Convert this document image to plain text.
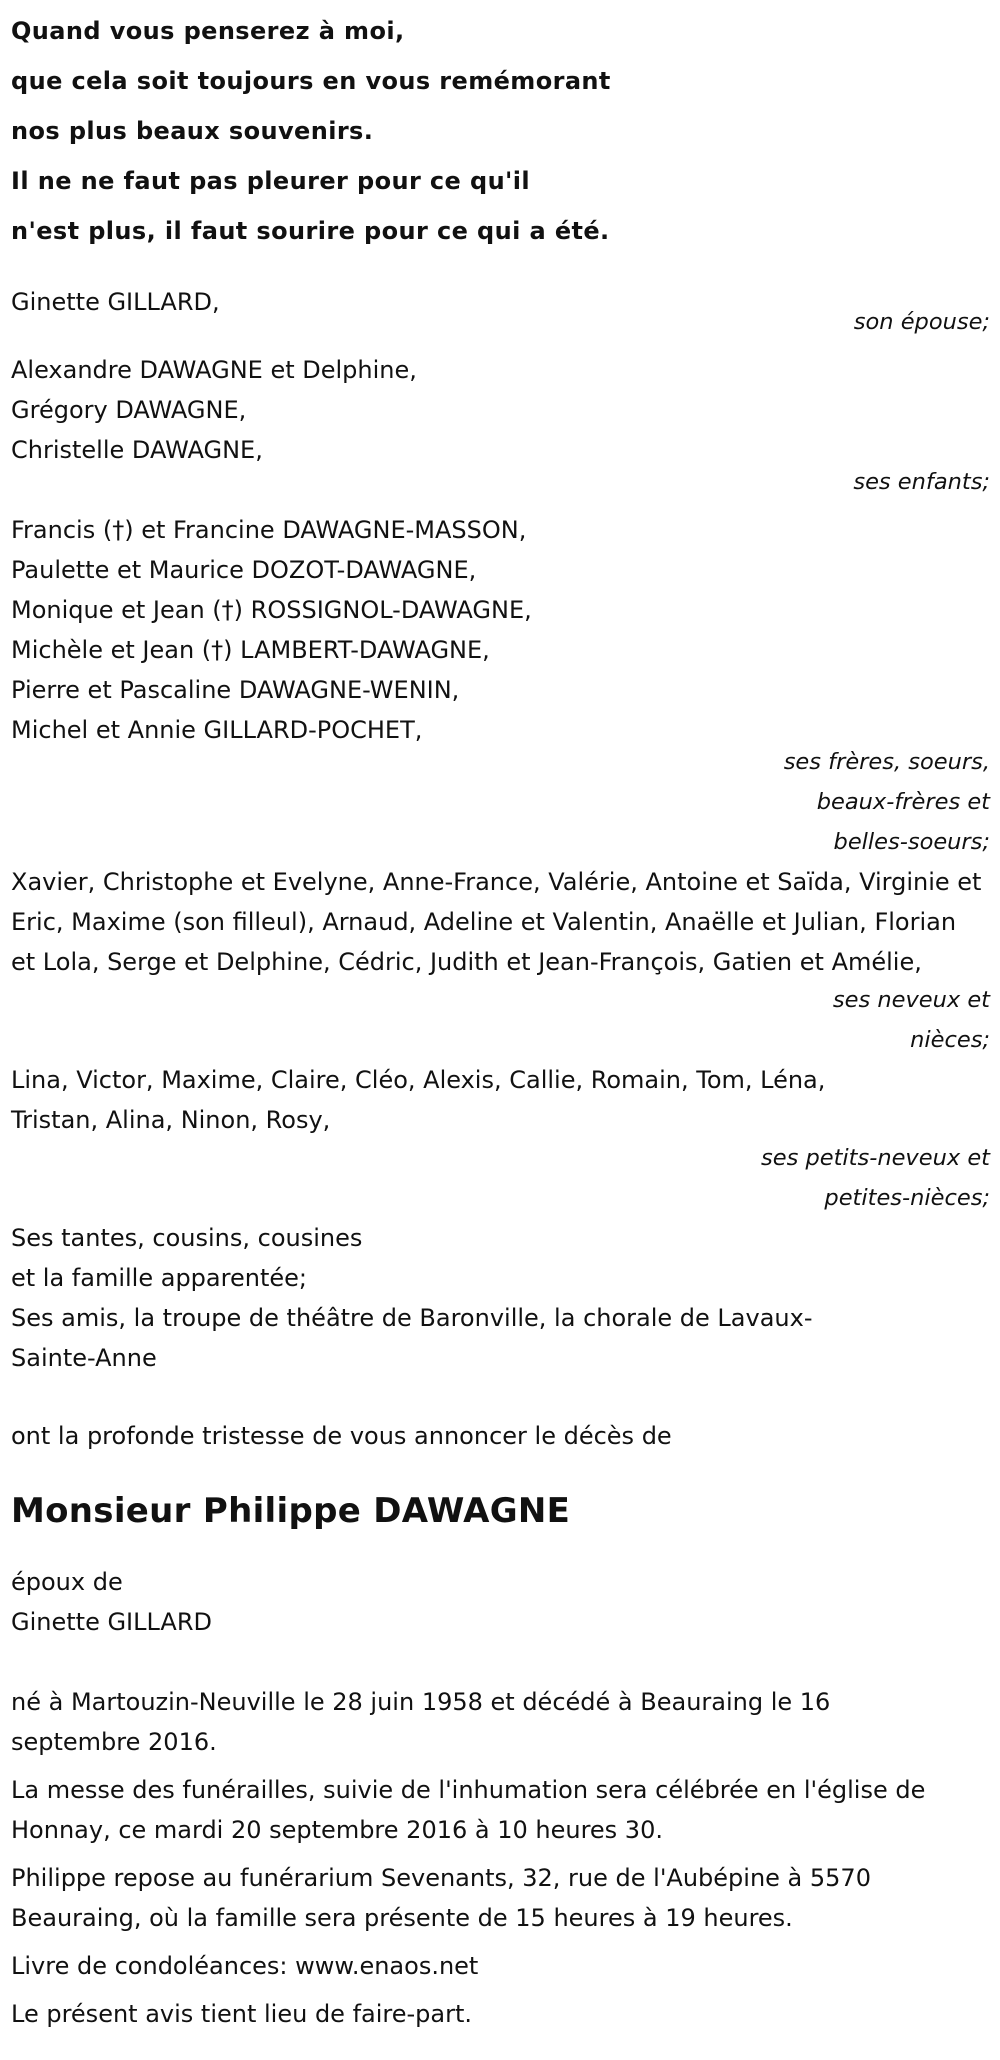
Quand vous penserez à moi,
que cela soit toujours en vous remémorant
nos plus beaux souvenirs.
Il ne ne faut pas pleurer pour ce qu'il
n'est plus, il faut sourire pour ce qui a été.
Ginette GILLARD,
son épouse;
Alexandre DAWAGNE et Delphine,
Grégory DAWAGNE,
Christelle DAWAGNE,
ses enfants;
Francis (†) et Francine DAWAGNE-MASSON,
Paulette et Maurice DOZOT-DAWAGNE,
Monique et Jean (†) ROSSIGNOL-DAWAGNE,
Michèle et Jean (†) LAMBERT-DAWAGNE,
Pierre et Pascaline DAWAGNE-WENIN,
Michel et Annie GILLARD-POCHET,
ses frères, soeurs,
beaux-frères et
belles-soeurs;

Xavier, Christophe et Evelyne, Anne-France, Valérie, Antoine et Saïda, Virginie et Eric, Maxime (son filleul), Arnaud, Adeline et Valentin, Anaëlle et Julian, Florian et Lola, Serge et Delphine, Cédric, Judith et Jean-François, Gatien et Amélie,

ses neveux et
nièces;

Lina, Victor, Maxime, Claire, Cléo, Alexis, Callie, Romain, Tom, Léna, Tristan, Alina, Ninon, Rosy,

ses petits-neveux et
petites-nièces;
Ses tantes, cousins, cousines
et la famille apparentée;

Ses amis, la troupe de théâtre de Baronville, la chorale de Lavaux-Sainte-Anne

ont la profonde tristesse de vous annoncer le décès de

Monsieur Philippe DAWAGNE
époux de
Ginette GILLARD

né à Martouzin-Neuville le 28 juin 1958 et décédé à Beauraing le 16 septembre 2016.

La messe des funérailles, suivie de l'inhumation sera célébrée en l'église de Honnay, ce mardi 20 septembre 2016 à 10 heures 30.

Philippe repose au funérarium Sevenants, 32, rue de l'Aubépine à 5570 Beauraing, où la famille sera présente de 15 heures à 19 heures.

Livre de condoléances: www.enaos.net

Le présent avis tient lieu de faire-part.
